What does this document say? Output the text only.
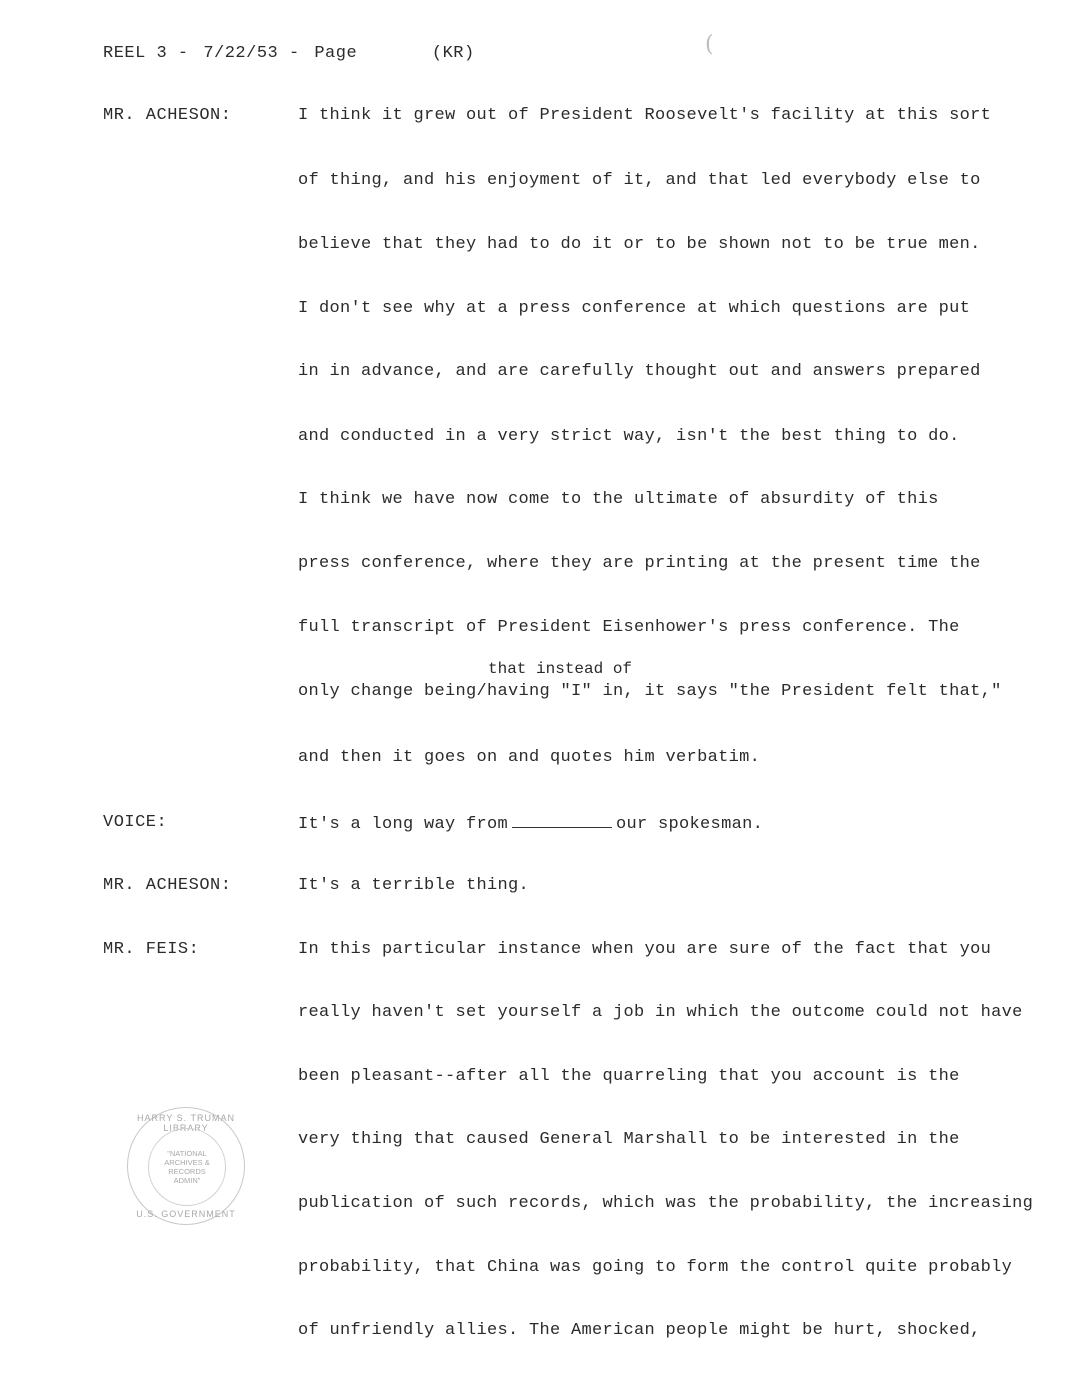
REEL 3 - 7/22/53 - Page	(KR)	(
MR. ACHESON:	I think it grew out of President Roosevelt's facility at this sort
of thing, and his enjoyment of it, and that led everybody else to
believe that they had to do it or to be shown not to be true men.
I don't see why at a press conference at which questions are put
in in advance, and are carefully thought out and answers prepared
and conducted in a very strict way, isn't the best thing to do.
I think we have now come to the ultimate of absurdity of this
press conference, where they are printing at the present time the
full transcript of President Eisenhower's press conference. The
that instead of
only change being/having "I" in, it says "the President felt that,"
and then it goes on and quotes him verbatim.
VOICE:	It's a long way from	our spokesman.
MR. ACHESON:	It's a terrible thing.
MR. FEIS:	In this particular instance when you are sure of the fact that you
really haven't set yourself a job in which the outcome could not have
been pleasant--after all the quarreling that you account is the
very thing that caused General Marshall to be interested in the
publication of such records, which was the probability, the increasing
probability, that China was going to form the control quite probably
of unfriendly allies. The American people might be hurt, shocked,
HARRY S. TRUMAN LIBRARY
"NATIONAL
ARCHIVES &
RECORDS
ADMIN"
U.S. GOVERNMENT
